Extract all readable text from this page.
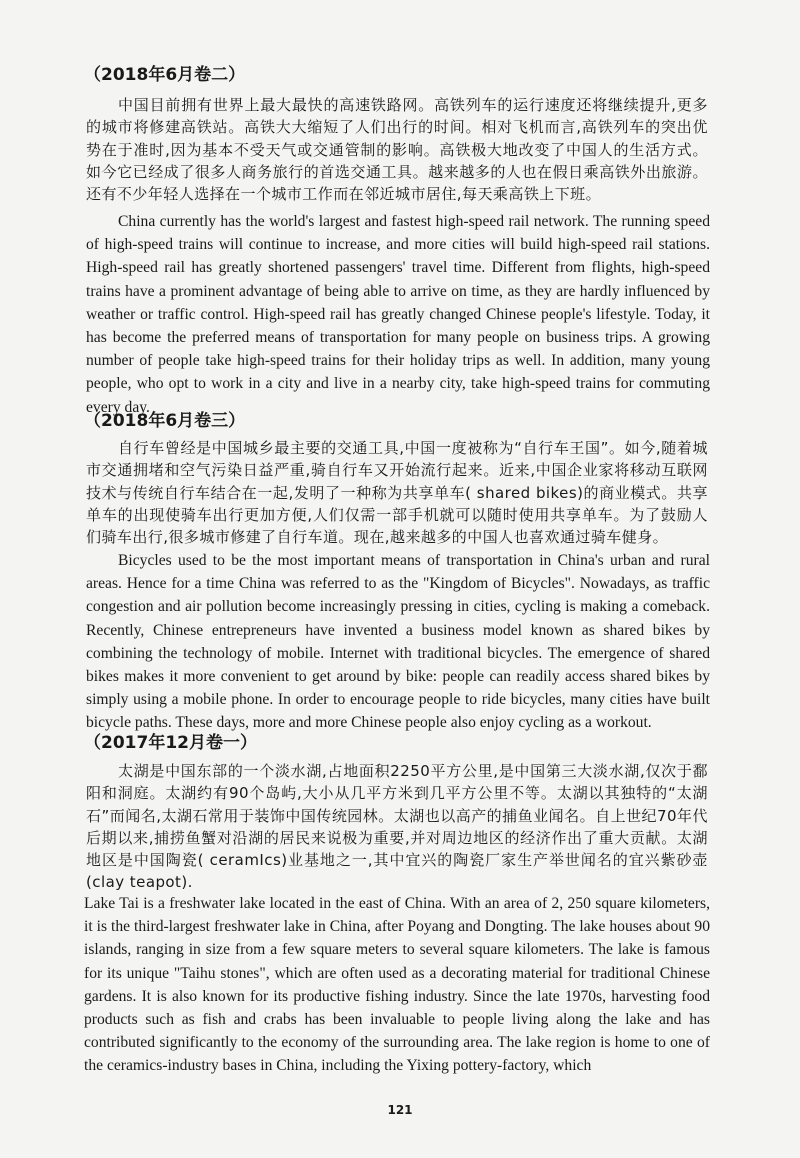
（2018年6月卷二）

中国目前拥有世界上最大最快的高速铁路网。高铁列车的运行速度还将继续提升,更多的城市将修建高铁站。高铁大大缩短了人们出行的时间。相对飞机而言,高铁列车的突出优势在于准时,因为基本不受天气或交通管制的影响。高铁极大地改变了中国人的生活方式。如今它已经成了很多人商务旅行的首选交通工具。越来越多的人也在假日乘高铁外出旅游。还有不少年轻人选择在一个城市工作而在邻近城市居住,每天乘高铁上下班。

China currently has the world's largest and fastest high-speed rail network. The running speed of high-speed trains will continue to increase, and more cities will build high-speed rail stations. High-speed rail has greatly shortened passengers' travel time. Different from flights, high-speed trains have a prominent advantage of being able to arrive on time, as they are hardly influenced by weather or traffic control. High-speed rail has greatly changed Chinese people's lifestyle. Today, it has become the preferred means of transportation for many people on business trips. A growing number of people take high-speed trains for their holiday trips as well. In addition, many young people, who opt to work in a city and live in a nearby city, take high-speed trains for commuting every day.

（2018年6月卷三）

自行车曾经是中国城乡最主要的交通工具,中国一度被称为“自行车王国”。如今,随着城市交通拥堵和空气污染日益严重,骑自行车又开始流行起来。近来,中国企业家将移动互联网技术与传统自行车结合在一起,发明了一种称为共享单车( shared bikes)的商业模式。共享单车的出现使骑车出行更加方便,人们仅需一部手机就可以随时使用共享单车。为了鼓励人们骑车出行,很多城市修建了自行车道。现在,越来越多的中国人也喜欢通过骑车健身。

Bicycles used to be the most important means of transportation in China's urban and rural areas. Hence for a time China was referred to as the "Kingdom of Bicycles". Nowadays, as traffic congestion and air pollution become increasingly pressing in cities, cycling is making a comeback. Recently, Chinese entrepreneurs have invented a business model known as shared bikes by combining the technology of mobile. Internet with traditional bicycles. The emergence of shared bikes makes it more convenient to get around by bike: people can readily access shared bikes by simply using a mobile phone. In order to encourage people to ride bicycles, many cities have built bicycle paths. These days, more and more Chinese people also enjoy cycling as a workout.

（2017年12月卷一）

太湖是中国东部的一个淡水湖,占地面积2250平方公里,是中国第三大淡水湖,仅次于鄱阳和洞庭。太湖约有90个岛屿,大小从几平方米到几平方公里不等。太湖以其独特的“太湖石”而闻名,太湖石常用于装饰中国传统园林。太湖也以高产的捕鱼业闻名。自上世纪70年代后期以来,捕捞鱼蟹对沿湖的居民来说极为重要,并对周边地区的经济作出了重大贡献。太湖地区是中国陶瓷( ceramIcs)业基地之一,其中宜兴的陶瓷厂家生产举世闻名的宜兴紫砂壶(clay teapot).

Lake Tai is a freshwater lake located in the east of China. With an area of 2, 250 square kilometers, it is the third-largest freshwater lake in China, after Poyang and Dongting. The lake houses about 90 islands, ranging in size from a few square meters to several square kilometers. The lake is famous for its unique "Taihu stones", which are often used as a decorating material for traditional Chinese gardens. It is also known for its productive fishing industry. Since the late 1970s, harvesting food products such as fish and crabs has been invaluable to people living along the lake and has contributed significantly to the economy of the surrounding area. The lake region is home to one of the ceramics-industry bases in China, including the Yixing pottery-factory, which

121
